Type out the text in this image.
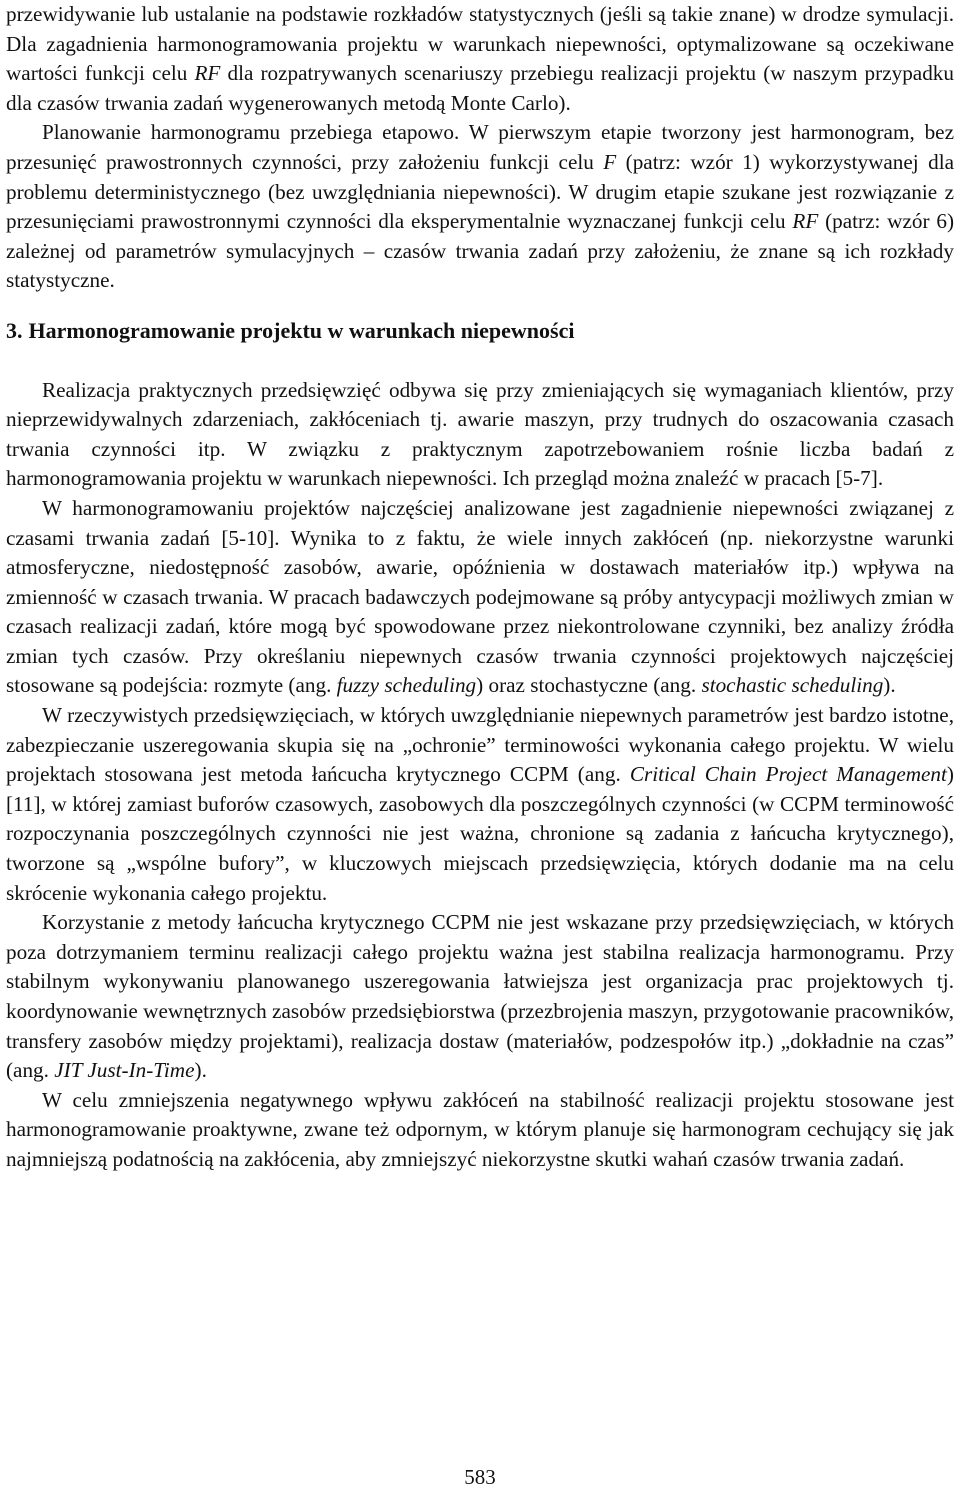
przewidywanie lub ustalanie na podstawie rozkładów statystycznych (jeśli są takie znane) w drodze symulacji. Dla zagadnienia harmonogramowania projektu w warunkach niepewności, optymalizowane są oczekiwane wartości funkcji celu RF dla rozpatrywanych scenariuszy przebiegu realizacji projektu (w naszym przypadku dla czasów trwania zadań wygenerowanych metodą Monte Carlo).

Planowanie harmonogramu przebiega etapowo. W pierwszym etapie tworzony jest harmonogram, bez przesunięć prawostronnych czynności, przy założeniu funkcji celu F (patrz: wzór 1) wykorzystywanej dla problemu deterministycznego (bez uwzględniania niepewności). W drugim etapie szukane jest rozwiązanie z przesunięciami prawostronnymi czynności dla eksperymentalnie wyznaczanej funkcji celu RF (patrz: wzór 6) zależnej od parametrów symulacyjnych – czasów trwania zadań przy założeniu, że znane są ich rozkłady statystyczne.

3. Harmonogramowanie projektu w warunkach niepewności

Realizacja praktycznych przedsięwzięć odbywa się przy zmieniających się wymaganiach klientów, przy nieprzewidywalnych zdarzeniach, zakłóceniach tj. awarie maszyn, przy trudnych do oszacowania czasach trwania czynności itp. W związku z praktycznym zapotrzebowaniem rośnie liczba badań z harmonogramowania projektu w warunkach niepewności. Ich przegląd można znaleźć w pracach [5-7].

W harmonogramowaniu projektów najczęściej analizowane jest zagadnienie niepewności związanej z czasami trwania zadań [5-10]. Wynika to z faktu, że wiele innych zakłóceń (np. niekorzystne warunki atmosferyczne, niedostępność zasobów, awarie, opóźnienia w dostawach materiałów itp.) wpływa na zmienność w czasach trwania. W pracach badawczych podejmowane są próby antycypacji możliwych zmian w czasach realizacji zadań, które mogą być spowodowane przez niekontrolowane czynniki, bez analizy źródła zmian tych czasów. Przy określaniu niepewnych czasów trwania czynności projektowych najczęściej stosowane są podejścia: rozmyte (ang. fuzzy scheduling) oraz stochastyczne (ang. stochastic scheduling).

W rzeczywistych przedsięwzięciach, w których uwzględnianie niepewnych parametrów jest bardzo istotne, zabezpieczanie uszeregowania skupia się na „ochronie” terminowości wykonania całego projektu. W wielu projektach stosowana jest metoda łańcucha krytycznego CCPM (ang. Critical Chain Project Management) [11], w której zamiast buforów czasowych, zasobowych dla poszczególnych czynności (w CCPM terminowość rozpoczynania poszczególnych czynności nie jest ważna, chronione są zadania z łańcucha krytycznego), tworzone są „wspólne bufory”, w kluczowych miejscach przedsięwzięcia, których dodanie ma na celu skrócenie wykonania całego projektu.

Korzystanie z metody łańcucha krytycznego CCPM nie jest wskazane przy przedsięwzięciach, w których poza dotrzymaniem terminu realizacji całego projektu ważna jest stabilna realizacja harmonogramu. Przy stabilnym wykonywaniu planowanego uszeregowania łatwiejsza jest organizacja prac projektowych tj. koordynowanie wewnętrznych zasobów przedsiębiorstwa (przezbrojenia maszyn, przygotowanie pracowników, transfery zasobów między projektami), realizacja dostaw (materiałów, podzespołów itp.) „dokładnie na czas” (ang. JIT Just-In-Time).

W celu zmniejszenia negatywnego wpływu zakłóceń na stabilność realizacji projektu stosowane jest harmonogramowanie proaktywne, zwane też odpornym, w którym planuje się harmonogram cechujący się jak najmniejszą podatnością na zakłócenia, aby zmniejszyć niekorzystne skutki wahań czasów trwania zadań.

583
